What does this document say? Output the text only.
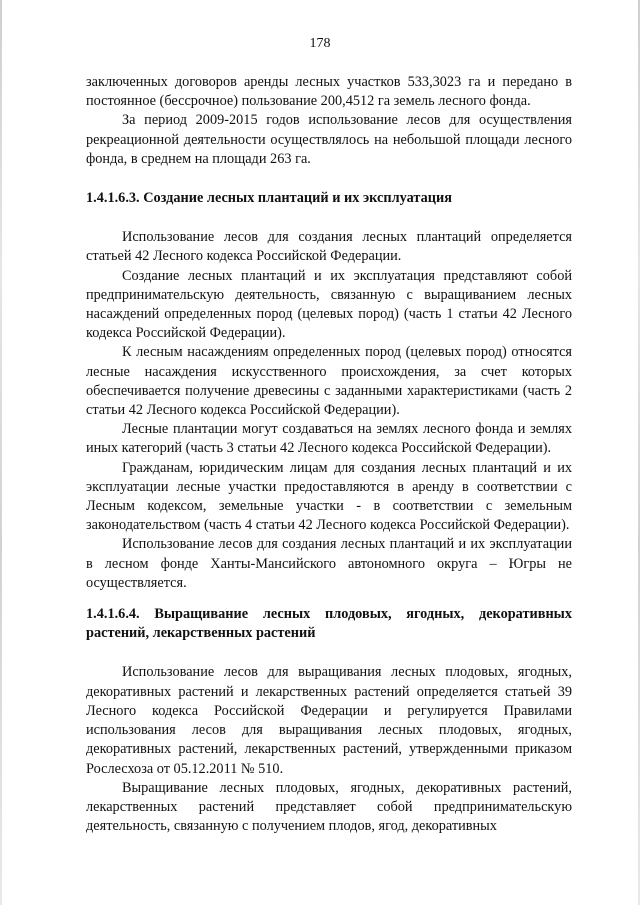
178

заключенных договоров аренды лесных участков 533,3023 га и передано в постоянное (бессрочное) пользование 200,4512 га земель лесного фонда.

За период 2009-2015 годов использование лесов для осуществления рекреационной деятельности осуществлялось на небольшой площади лесного фонда, в среднем на площади 263 га.

1.4.1.6.3. Создание лесных плантаций и их эксплуатация

Использование лесов для создания лесных плантаций определяется статьей 42 Лесного кодекса Российской Федерации.

Создание лесных плантаций и их эксплуатация представляют собой предпринимательскую деятельность, связанную с выращиванием лесных насаждений определенных пород (целевых пород) (часть 1 статьи 42 Лесного кодекса Российской Федерации).

К лесным насаждениям определенных пород (целевых пород) относятся лесные насаждения искусственного происхождения, за счет которых обеспечивается получение древесины с заданными характеристиками (часть 2 статьи 42 Лесного кодекса Российской Федерации).

Лесные плантации могут создаваться на землях лесного фонда и землях иных категорий (часть 3 статьи 42 Лесного кодекса Российской Федерации).

Гражданам, юридическим лицам для создания лесных плантаций и их эксплуатации лесные участки предоставляются в аренду в соответствии с Лесным кодексом, земельные участки - в соответствии с земельным законодательством (часть 4 статьи 42 Лесного кодекса Российской Федерации).

Использование лесов для создания лесных плантаций и их эксплуатации в лесном фонде Ханты-Мансийского автономного округа – Югры не осуществляется.

1.4.1.6.4. Выращивание лесных плодовых, ягодных, декоративных растений, лекарственных растений

Использование лесов для выращивания лесных плодовых, ягодных, декоративных растений и лекарственных растений определяется статьей 39 Лесного кодекса Российской Федерации и регулируется Правилами использования лесов для выращивания лесных плодовых, ягодных, декоративных растений, лекарственных растений, утвержденными приказом Рослесхоза от 05.12.2011 № 510.

Выращивание лесных плодовых, ягодных, декоративных растений, лекарственных растений представляет собой предпринимательскую деятельность, связанную с получением плодов, ягод, декоративных
